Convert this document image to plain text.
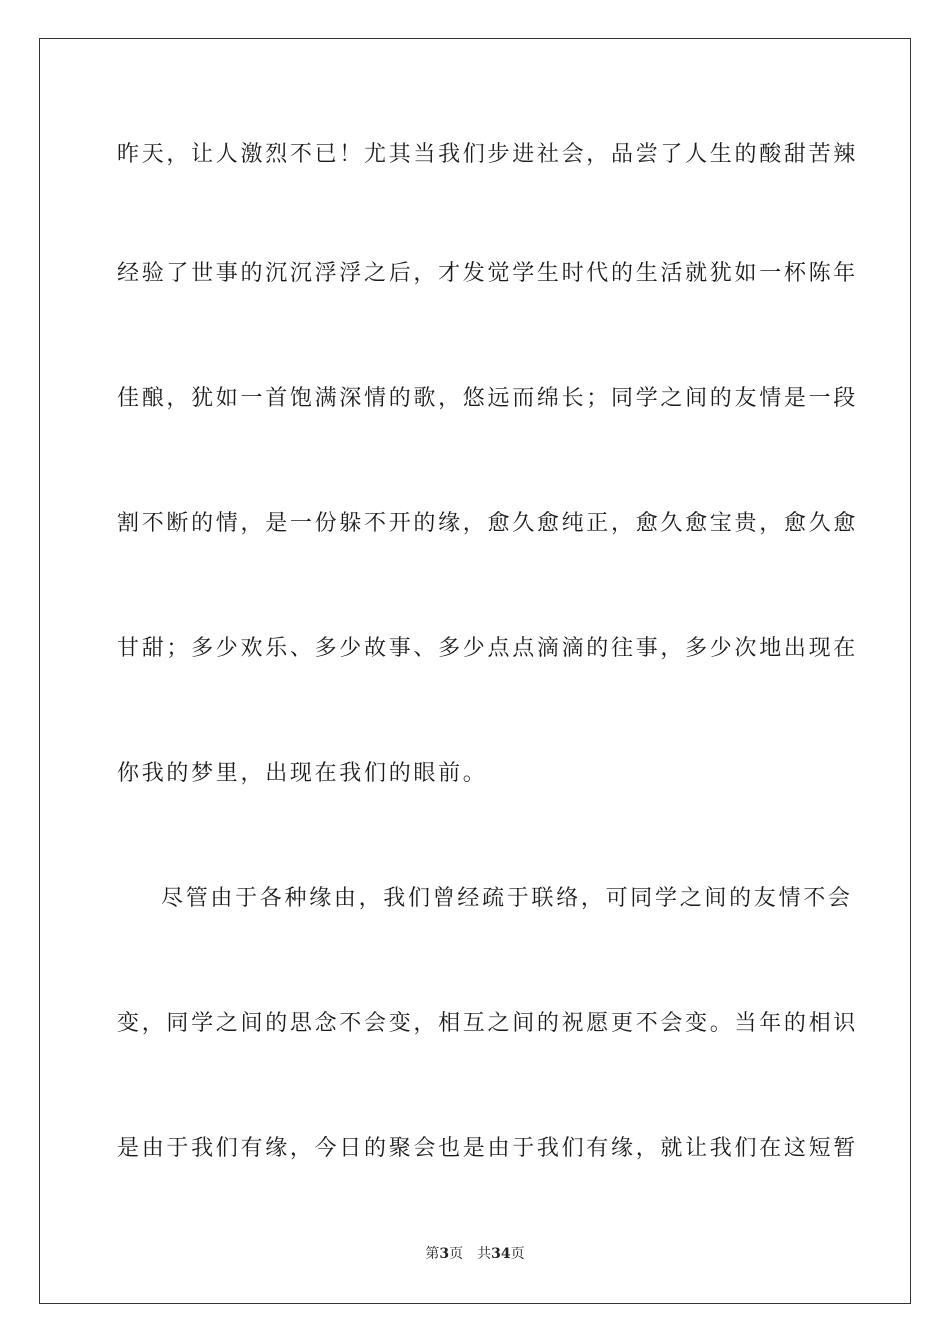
昨天，让人激烈不已！尤其当我们步进社会，品尝了人生的酸甜苦辣
经验了世事的沉沉浮浮之后，才发觉学生时代的生活就犹如一杯陈年
佳酿，犹如一首饱满深情的歌，悠远而绵长；同学之间的友情是一段
割不断的情，是一份躲不开的缘，愈久愈纯正，愈久愈宝贵，愈久愈
甘甜；多少欢乐、多少故事、多少点点滴滴的往事，多少次地出现在
你我的梦里，出现在我们的眼前。
尽管由于各种缘由，我们曾经疏于联络，可同学之间的友情不会
变，同学之间的思念不会变，相互之间的祝愿更不会变。当年的相识
是由于我们有缘，今日的聚会也是由于我们有缘，就让我们在这短暂
第3页 共34页
